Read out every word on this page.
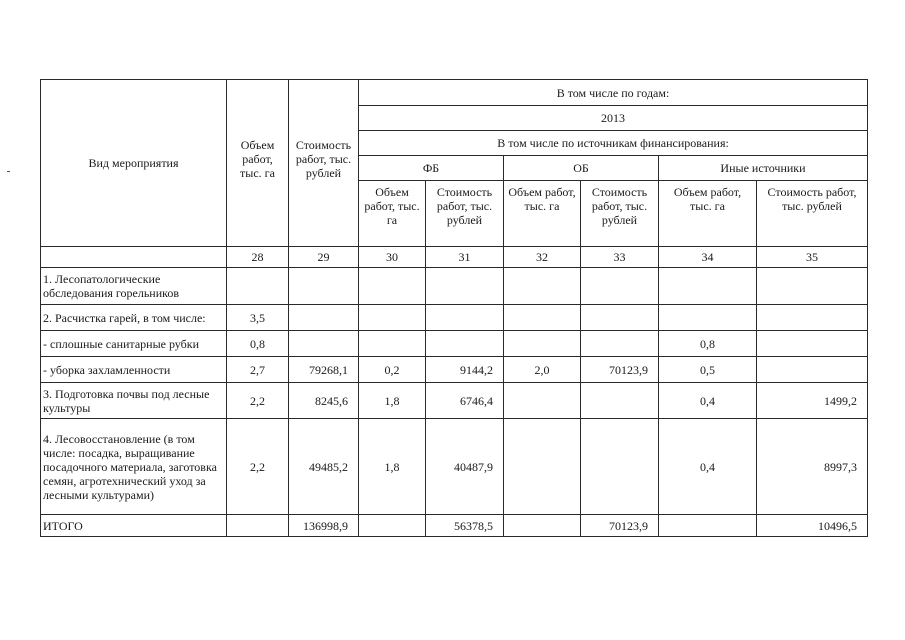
Вид мероприятия	Объем работ, тыс. га	Стоимость работ, тыс. рублей	В том числе по годам:					
			2013					
			В том числе по источникам финансирования:					
			ФБ		ОБ		Иные источники	
			Объем работ, тыс. га	Стоимость работ, тыс. рублей	Объем работ, тыс. га	Стоимость работ, тыс. рублей	Объем работ, тыс. га	Стоимость работ, тыс. рублей
	28	29	30	31	32	33	34	35
1. Лесопатологические обследования горельников								
2. Расчистка гарей, в том числе:	3,5							
- сплошные санитарные рубки	0,8						0,8	
- уборка захламленности	2,7	79268,1	0,2	9144,2	2,0	70123,9	0,5	
3. Подготовка почвы под лесные культуры	2,2	8245,6	1,8	6746,4			0,4	1499,2
4. Лесовосстановление (в том числе: посадка, выращивание посадочного материала, заготовка семян, агротехнический уход за лесными культурами)	2,2	49485,2	1,8	40487,9			0,4	8997,3
ИТОГО		136998,9		56378,5		70123,9		10496,5
